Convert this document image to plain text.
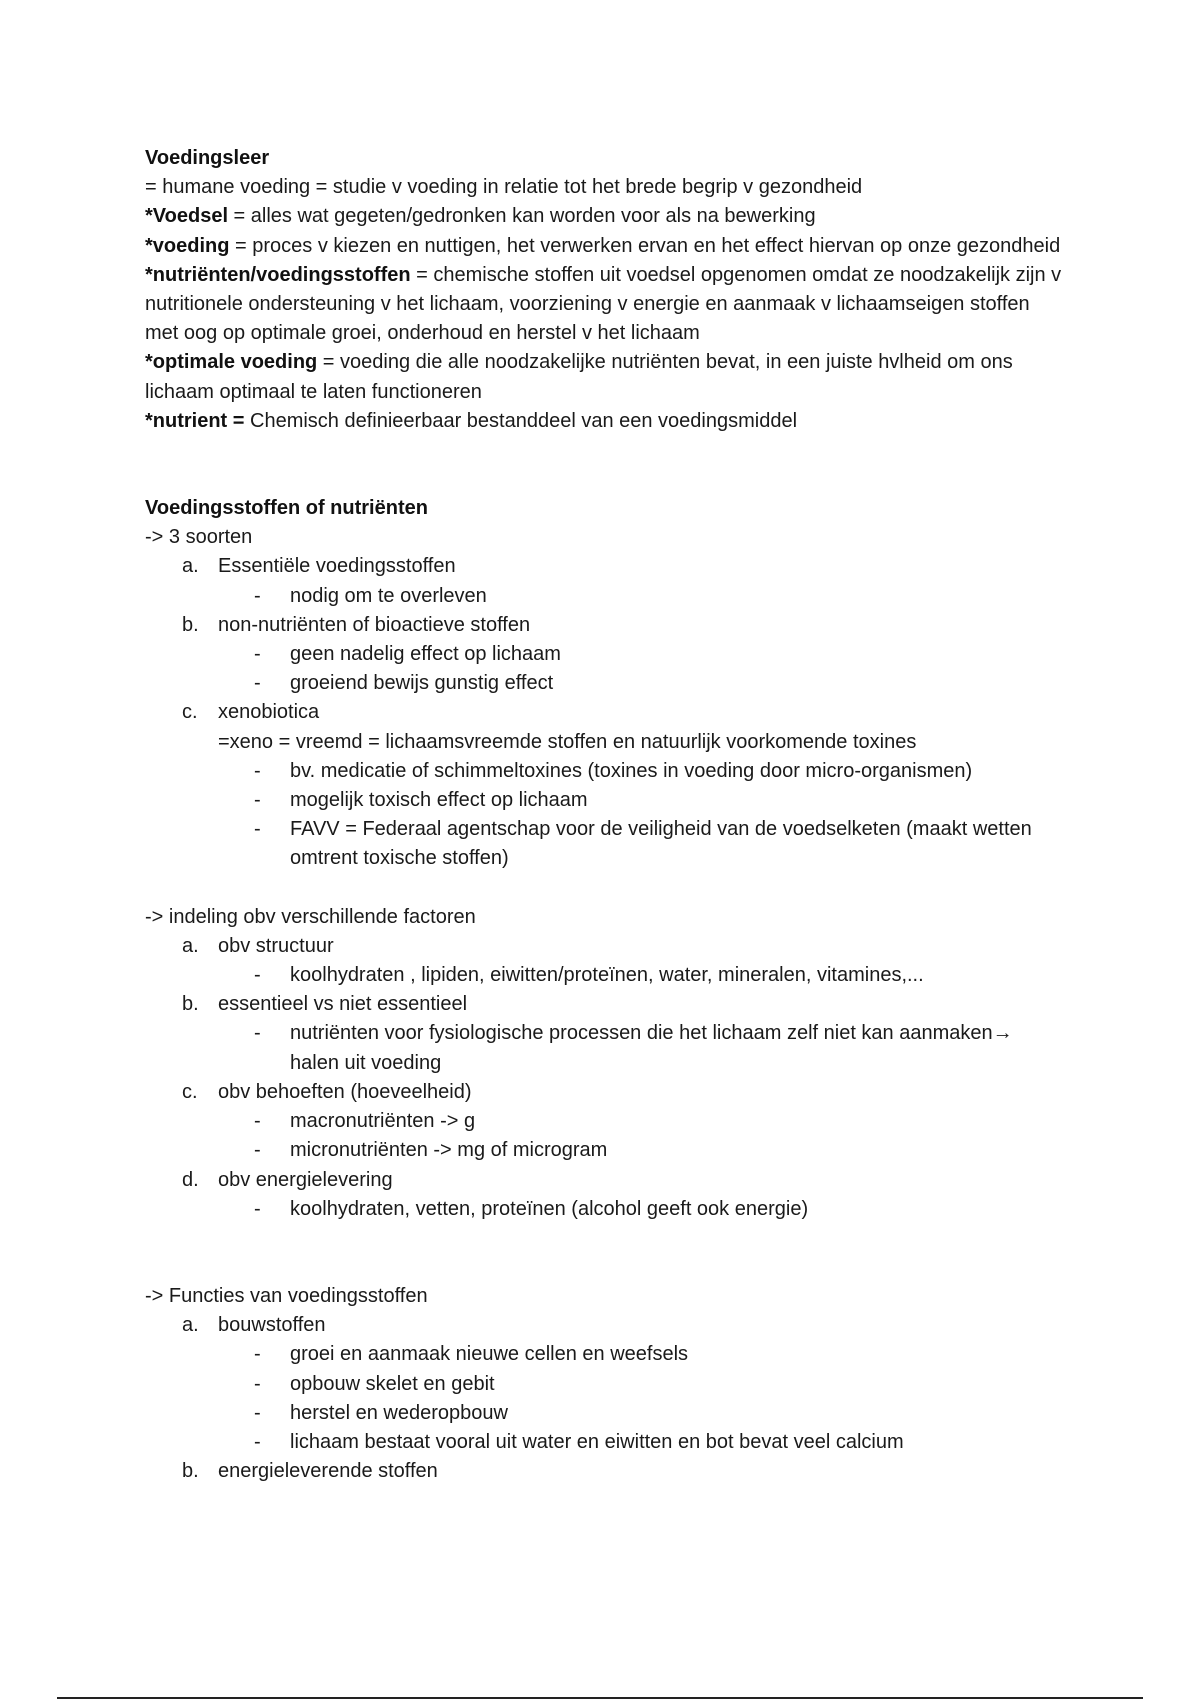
Voedingsleer
= humane voeding = studie v voeding in relatie tot het brede begrip v gezondheid
*Voedsel = alles wat gegeten/gedronken kan worden voor als na bewerking
*voeding = proces v kiezen en nuttigen, het verwerken ervan en het effect hiervan op onze gezondheid
*nutriënten/voedingsstoffen = chemische stoffen uit voedsel opgenomen omdat ze noodzakelijk zijn v nutritionele ondersteuning v het lichaam, voorziening v energie en aanmaak v lichaamseigen stoffen met oog op optimale groei, onderhoud en herstel v het lichaam
*optimale voeding = voeding die alle noodzakelijke nutriënten bevat, in een juiste hvlheid om ons lichaam optimaal te laten functioneren
*nutrient = Chemisch definieerbaar bestanddeel van een voedingsmiddel
Voedingsstoffen of nutriënten
-> 3 soorten
a. Essentiële voedingsstoffen
- nodig om te overleven
b. non-nutriënten of bioactieve stoffen
- geen nadelig effect op lichaam
- groeiend bewijs gunstig effect
c.	xenobiotica
=xeno = vreemd = lichaamsvreemde stoffen en natuurlijk voorkomende toxines
- bv. medicatie of schimmeltoxines (toxines in voeding door micro-organismen)
- mogelijk toxisch effect op lichaam
- FAVV = Federaal agentschap voor de veiligheid van de voedselketen (maakt wetten omtrent toxische stoffen)
-> indeling obv verschillende factoren
a. obv structuur
- koolhydraten , lipiden, eiwitten/proteïnen, water, mineralen, vitamines,...
b. essentieel vs niet essentieel
- nutriënten voor fysiologische processen die het lichaam zelf niet kan aanmaken→ halen uit voeding
c.	obv behoeften (hoeveelheid)
- macronutriënten -> g
- micronutriënten -> mg of microgram
d. obv energielevering
- koolhydraten, vetten, proteïnen (alcohol geeft ook energie)
-> Functies van voedingsstoffen
a. bouwstoffen
- groei en aanmaak nieuwe cellen en weefsels
- opbouw skelet en gebit
- herstel en wederopbouw
- lichaam bestaat vooral uit water en eiwitten en bot bevat veel calcium
b. energieleverende stoffen
